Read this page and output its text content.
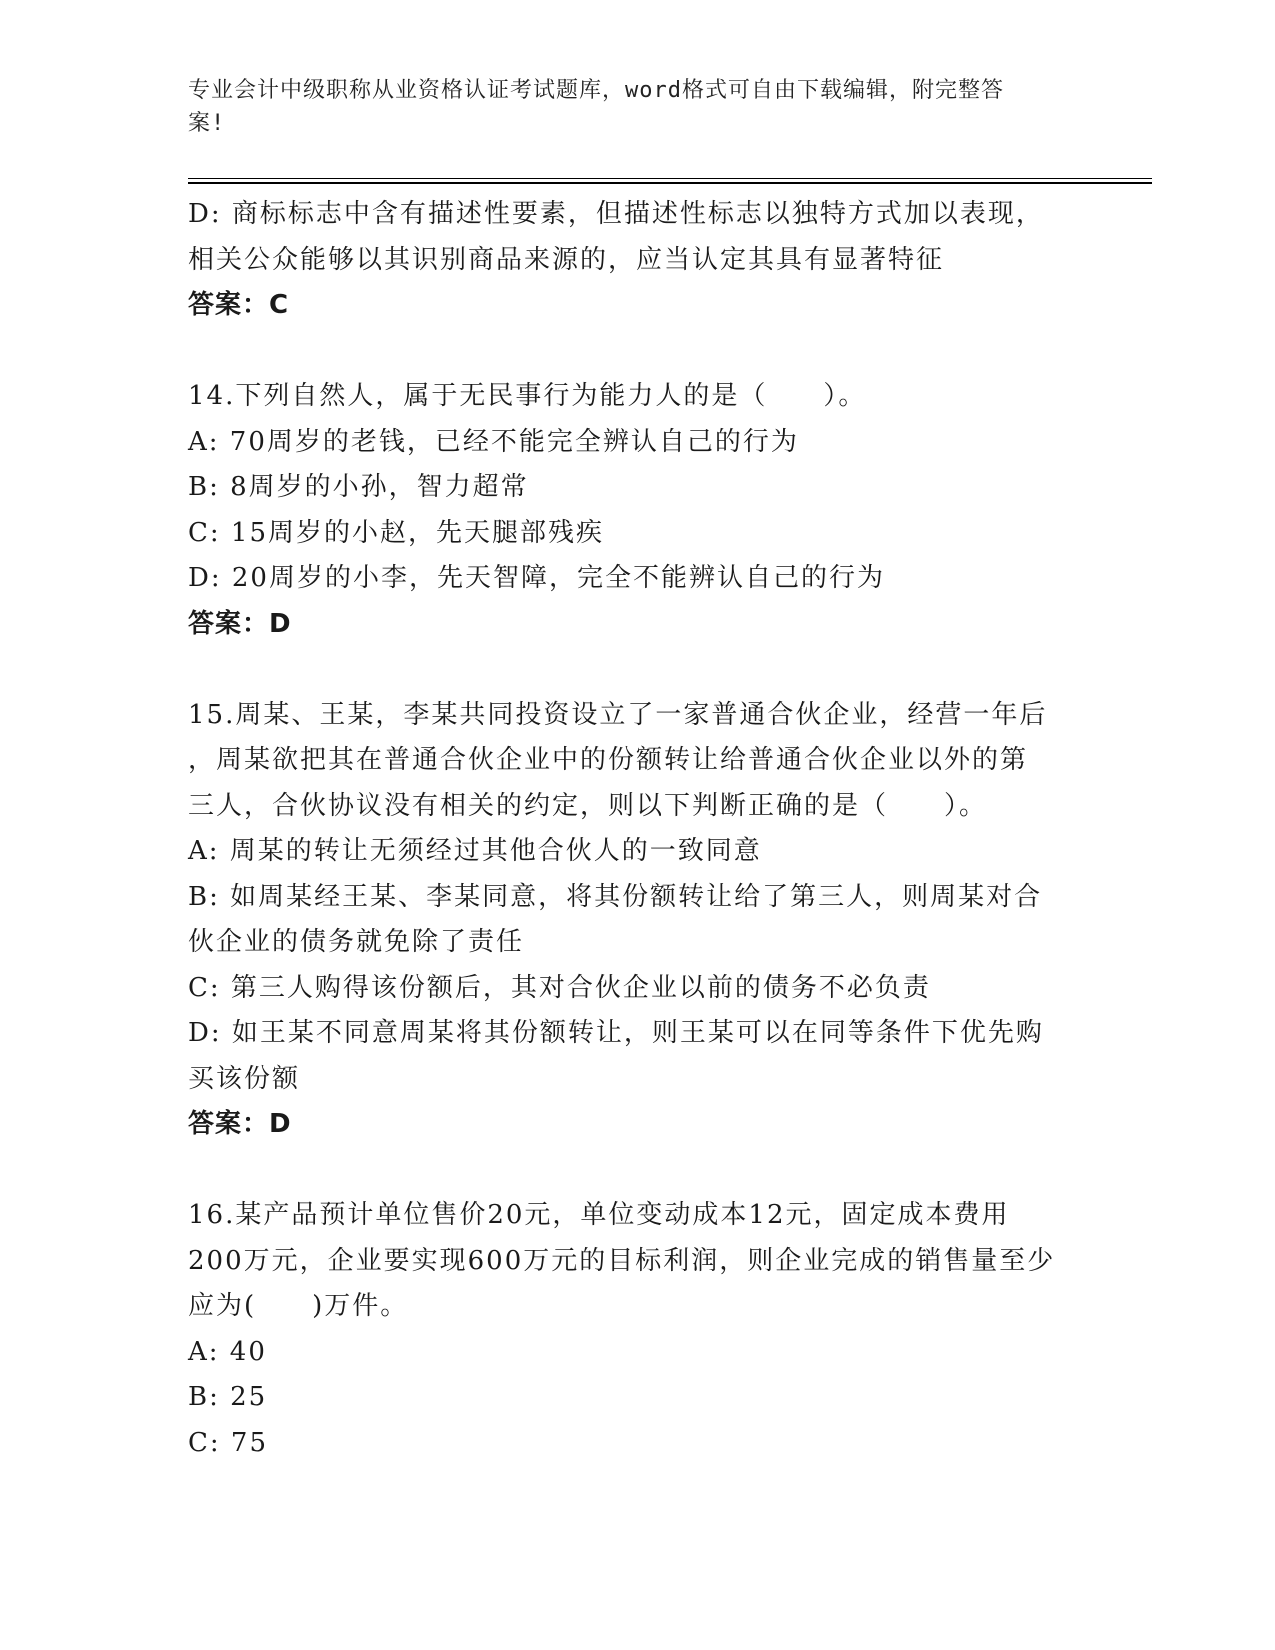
专业会计中级职称从业资格认证考试题库，word格式可自由下载编辑，附完整答
案!
D: 商标标志中含有描述性要素，但描述性标志以独特方式加以表现，
相关公众能够以其识别商品来源的，应当认定其具有显著特征
答案：C
14.下列自然人，属于无民事行为能力人的是（　　）。
A: 70周岁的老钱，已经不能完全辨认自己的行为
B: 8周岁的小孙，智力超常
C: 15周岁的小赵，先天腿部残疾
D: 20周岁的小李，先天智障，完全不能辨认自己的行为
答案：D
15.周某、王某，李某共同投资设立了一家普通合伙企业，经营一年后
，周某欲把其在普通合伙企业中的份额转让给普通合伙企业以外的第
三人，合伙协议没有相关的约定，则以下判断正确的是（　　）。
A: 周某的转让无须经过其他合伙人的一致同意
B: 如周某经王某、李某同意，将其份额转让给了第三人，则周某对合
伙企业的债务就免除了责任
C: 第三人购得该份额后，其对合伙企业以前的债务不必负责
D: 如王某不同意周某将其份额转让，则王某可以在同等条件下优先购
买该份额
答案：D
16.某产品预计单位售价20元，单位变动成本12元，固定成本费用
200万元，企业要实现600万元的目标利润，则企业完成的销售量至少
应为(　　)万件。
A: 40
B: 25
C: 75
